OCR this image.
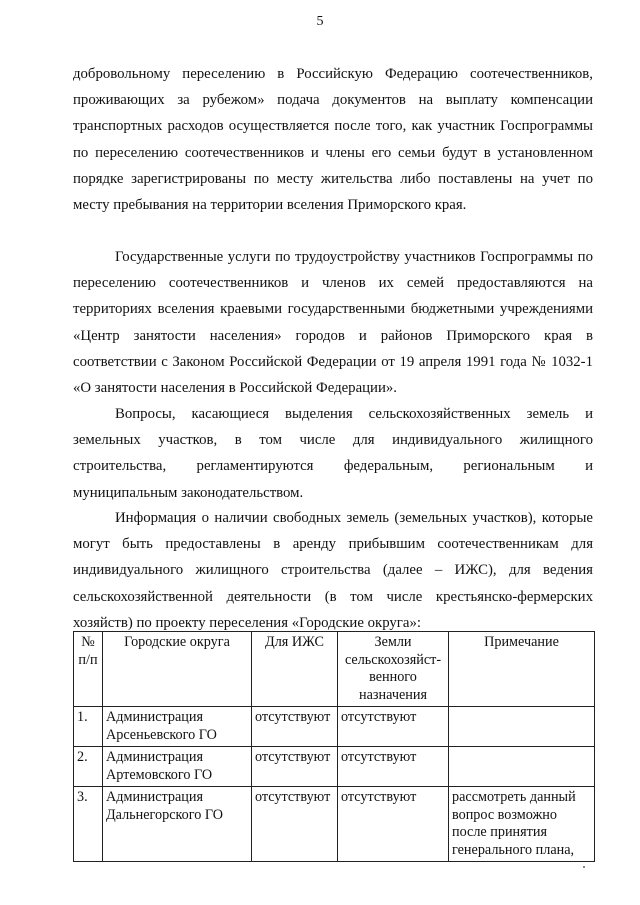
5

добровольному переселению в Российскую Федерацию соотечественников, проживающих за рубежом» подача документов на выплату компенсации транспортных расходов осуществляется после того, как участник Госпрограммы по переселению соотечественников и члены его семьи будут в установленном порядке зарегистрированы по месту жительства либо поставлены на учет по месту пребывания на территории вселения Приморского края.

Государственные услуги по трудоустройству участников Госпрограммы по переселению соотечественников и членов их семей предоставляются на территориях вселения краевыми государственными бюджетными учреждениями «Центр занятости населения» городов и районов Приморского края в соответствии с Законом Российской Федерации от 19 апреля 1991 года № 1032-1 «О занятости населения в Российской Федерации».

Вопросы, касающиеся выделения сельскохозяйственных земель и земельных участков, в том числе для индивидуального жилищного строительства, регламентируются федеральным, региональным и муниципальным законодательством.

Информация о наличии свободных земель (земельных участков), которые могут быть предоставлены в аренду прибывшим соотечественникам для индивидуального жилищного строительства (далее – ИЖС), для ведения сельскохозяйственной деятельности (в том числе крестьянско-фермерских хозяйств) по проекту переселения «Городские округа»:

№ п/п	Городские округа	Для ИЖС	Земли сельскохозяйст-венного назначения	Примечание
1.	Администрация Арсеньевского ГО	отсутствуют	отсутствуют	
2.	Администрация Артемовского ГО	отсутствуют	отсутствуют	
3.	Администрация Дальнегорского ГО	отсутствуют	отсутствуют	рассмотреть данный вопрос возможно после принятия генерального плана,
